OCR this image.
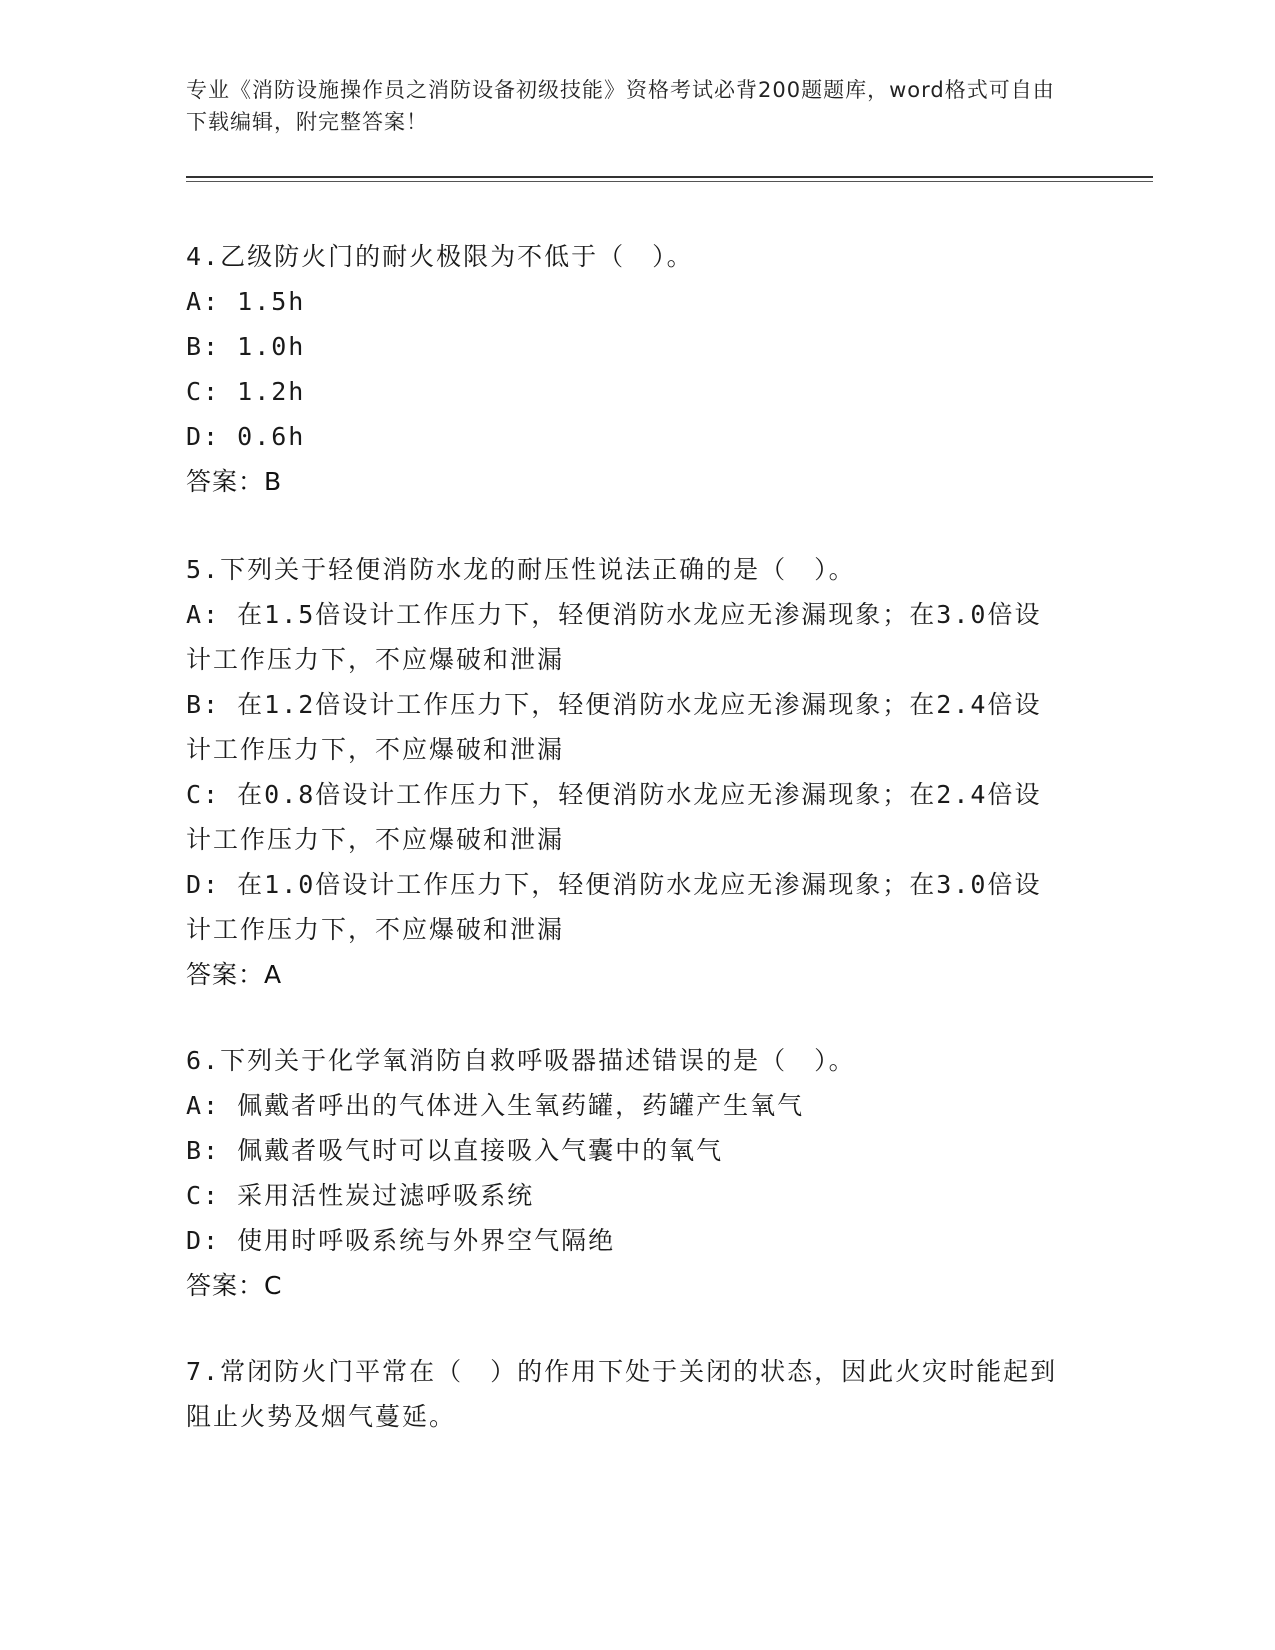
专业《消防设施操作员之消防设备初级技能》资格考试必背200题题库，word格式可自由下载编辑，附完整答案！
4.乙级防火门的耐火极限为不低于（　）。
A: 1.5h
B: 1.0h
C: 1.2h
D: 0.6h
答案：B
5.下列关于轻便消防水龙的耐压性说法正确的是（　）。
A: 在1.5倍设计工作压力下，轻便消防水龙应无渗漏现象；在3.0倍设计工作压力下，不应爆破和泄漏
B: 在1.2倍设计工作压力下，轻便消防水龙应无渗漏现象；在2.4倍设计工作压力下，不应爆破和泄漏
C: 在0.8倍设计工作压力下，轻便消防水龙应无渗漏现象；在2.4倍设计工作压力下，不应爆破和泄漏
D: 在1.0倍设计工作压力下，轻便消防水龙应无渗漏现象；在3.0倍设计工作压力下，不应爆破和泄漏
答案：A
6.下列关于化学氧消防自救呼吸器描述错误的是（　）。
A: 佩戴者呼出的气体进入生氧药罐，药罐产生氧气
B: 佩戴者吸气时可以直接吸入气囊中的氧气
C: 采用活性炭过滤呼吸系统
D: 使用时呼吸系统与外界空气隔绝
答案：C
7.常闭防火门平常在（　）的作用下处于关闭的状态，因此火灾时能起到阻止火势及烟气蔓延。
